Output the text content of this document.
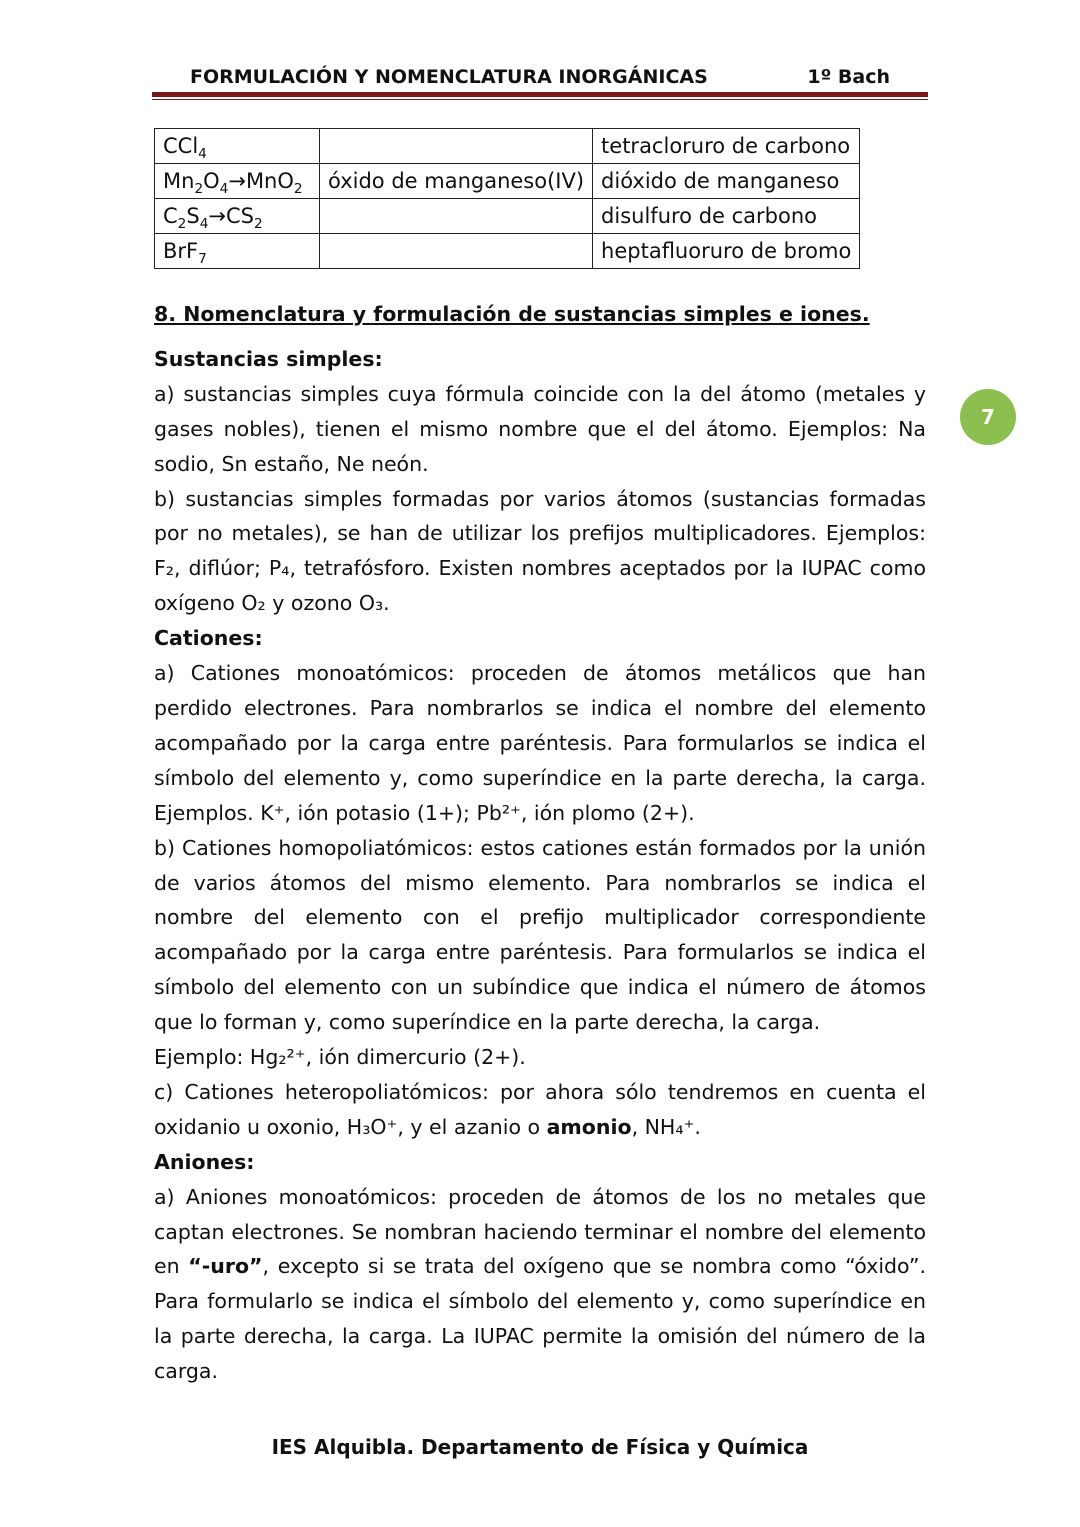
FORMULACIÓN Y NOMENCLATURA INORGÁNICAS	1º Bach
CCl$_4$		tetracloruro de carbono
$Mn_2O_4\to MnO_2$	óxido de manganeso(IV)	dióxido de manganeso
$C_2S_4\to CS_2$		disulfuro de carbono
BrF$_7$		heptafluoruro de bromo

8. Nomenclatura y formulación de sustancias simples e iones.

Sustancias simples:

a) sustancias simples cuya fórmula coincide con la del átomo (metales y gases nobles), tienen el mismo nombre que el del átomo. Ejemplos: Na sodio, Sn estaño, Ne neón.

b) sustancias simples formadas por varios átomos (sustancias formadas por no metales), se han de utilizar los prefijos multiplicadores. Ejemplos: F₂, diflúor; P₄, tetrafósforo. Existen nombres aceptados por la IUPAC como oxígeno O₂ y ozono O₃.

Cationes:

a) Cationes monoatómicos: proceden de átomos metálicos que han perdido electrones. Para nombrarlos se indica el nombre del elemento acompañado por la carga entre paréntesis. Para formularlos se indica el símbolo del elemento y, como superíndice en la parte derecha, la carga. Ejemplos. K⁺, ión potasio (1+); Pb²⁺, ión plomo (2+).

b) Cationes homopoliatómicos: estos cationes están formados por la unión de varios átomos del mismo elemento. Para nombrarlos se indica el nombre del elemento con el prefijo multiplicador correspondiente acompañado por la carga entre paréntesis. Para formularlos se indica el símbolo del elemento con un subíndice que indica el número de átomos que lo forman y, como superíndice en la parte derecha, la carga.

Ejemplo: Hg₂²⁺, ión dimercurio (2+).

c) Cationes heteropoliatómicos: por ahora sólo tendremos en cuenta el oxidanio u oxonio, H₃O⁺, y el azanio o amonio, NH₄⁺.

Aniones:

a) Aniones monoatómicos: proceden de átomos de los no metales que captan electrones. Se nombran haciendo terminar el nombre del elemento en “-uro”, excepto si se trata del oxígeno que se nombra como “óxido”. Para formularlo se indica el símbolo del elemento y, como superíndice en la parte derecha, la carga. La IUPAC permite la omisión del número de la carga.

7
IES Alquibla. Departamento de Física y Química
